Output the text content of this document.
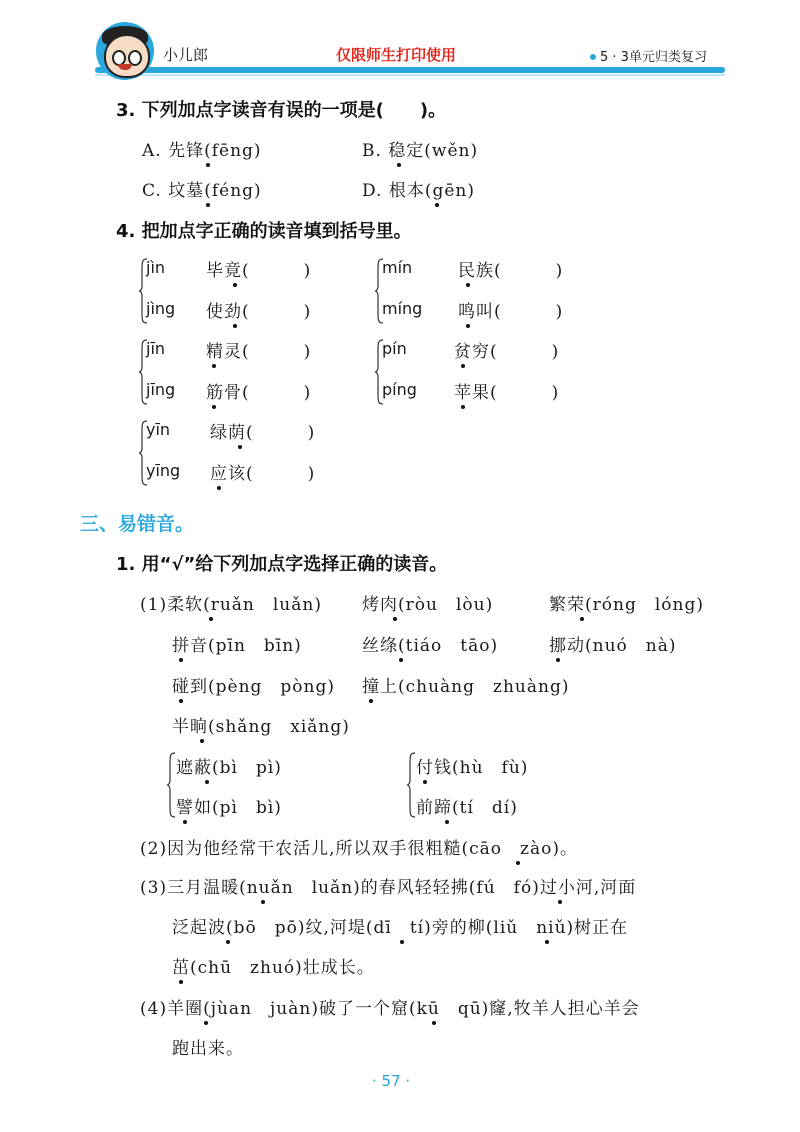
小儿郎	仅限师生打印使用	5 · 3单元归类复习
3. 下列加点字读音有误的一项是(　　)。
A. 先锋(fēng)	B. 稳定(wěn)
C. 坟墓(féng)	D. 根本(gēn)
4. 把加点字正确的读音填到括号里。
jìn 毕竟(　　　)
jìng 使劲(　　　)
mín	民族(　　　)
míng 鸣叫(　　　)
jīn 精灵(　　　)
jīng 筋骨(　　　)
pín	贫穷(　　　)
píng 苹果(　　　)
yīn 绿荫(　　　)
yīng 应该(　　　)
三、易错音。
1. 用“√”给下列加点字选择正确的读音。
(1)柔软(ruǎn　luǎn) 烤肉(ròu　lòu)	繁荣(róng　lóng)
拼音(pīn　bīn)	丝绦(tiáo　tāo)	挪动(nuó　nà)
碰到(pèng　pòng) 撞上(chuàng　zhuàng)
半晌(shǎng　xiǎng)
遮蔽(bì　pì)
譬如(pì　bì)
付钱(hù　fù)
前蹄(tí　dí)
(2)因为他经常干农活儿,所以双手很粗糙(cāo　zào)。
(3)三月温暖(nuǎn　luǎn)的春风轻轻拂(fú　fó)过小河,河面
泛起波(bō　pō)纹,河堤(dī　tí)旁的柳(liǔ　niǔ)树正在
茁(chū　zhuó)壮成长。
(4)羊圈(jùan　juàn)破了一个窟(kū　qū)窿,牧羊人担心羊会
跑出来。
· 57 ·
